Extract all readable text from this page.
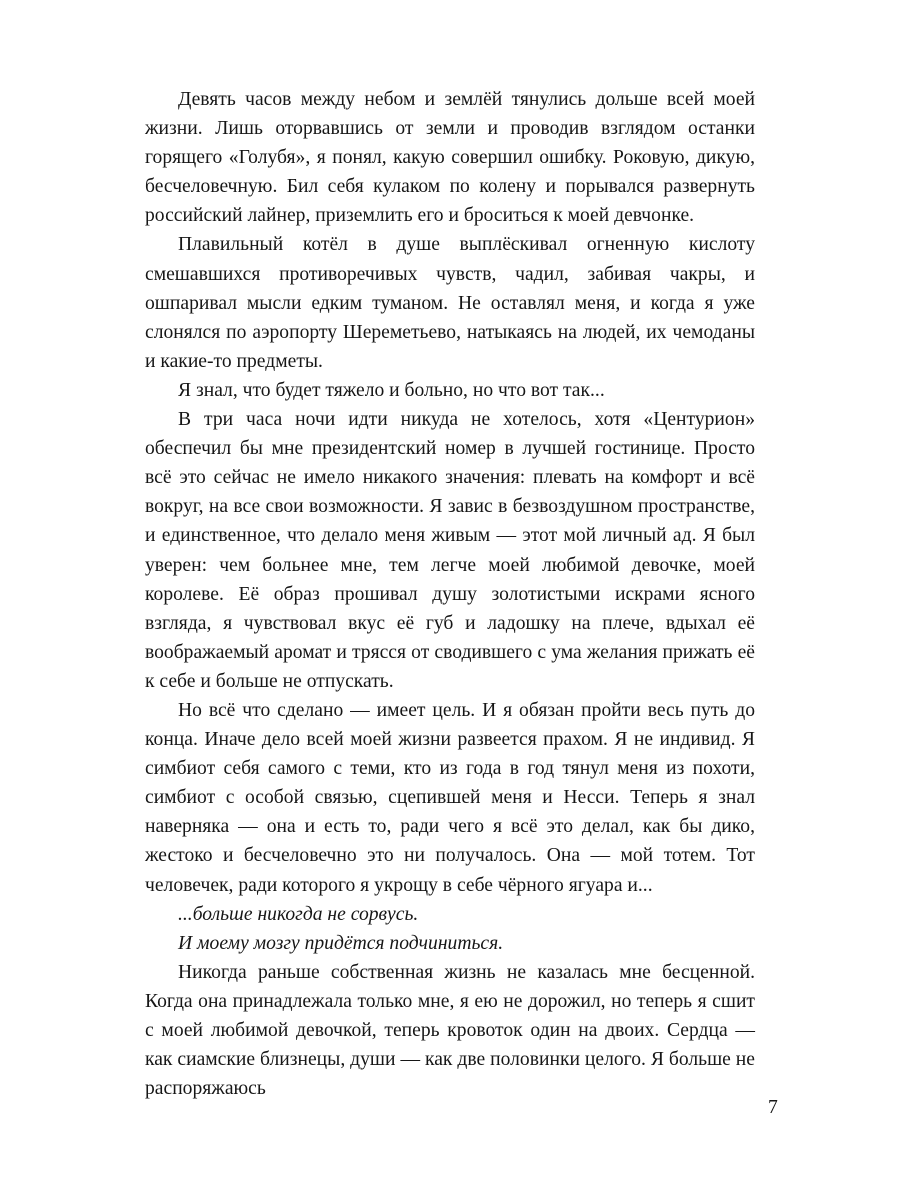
Девять часов между небом и землёй тянулись дольше всей моей жизни. Лишь оторвавшись от земли и проводив взглядом останки горящего «Голубя», я понял, какую совершил ошибку. Роковую, дикую, бесчеловечную. Бил себя кулаком по колену и порывался развернуть российский лайнер, приземлить его и броситься к моей девчонке.

Плавильный котёл в душе выплёскивал огненную кислоту смешавшихся противоречивых чувств, чадил, забивая чакры, и ошпаривал мысли едким туманом. Не оставлял меня, и когда я уже слонялся по аэропорту Шереметьево, натыкаясь на людей, их чемоданы и какие-то предметы.

Я знал, что будет тяжело и больно, но что вот так...

В три часа ночи идти никуда не хотелось, хотя «Центурион» обеспечил бы мне президентский номер в лучшей гостинице. Просто всё это сейчас не имело никакого значения: плевать на комфорт и всё вокруг, на все свои возможности. Я завис в безвоздушном пространстве, и единственное, что делало меня живым — этот мой личный ад. Я был уверен: чем больнее мне, тем легче моей любимой девочке, моей королеве. Её образ прошивал душу золотистыми искрами ясного взгляда, я чувствовал вкус её губ и ладошку на плече, вдыхал её воображаемый аромат и трясся от сводившего с ума желания прижать её к себе и больше не отпускать.

Но всё что сделано — имеет цель. И я обязан пройти весь путь до конца. Иначе дело всей моей жизни развеется прахом. Я не индивид. Я симбиот себя самого с теми, кто из года в год тянул меня из похоти, симбиот с особой связью, сцепившей меня и Несси. Теперь я знал наверняка — она и есть то, ради чего я всё это делал, как бы дико, жестоко и бесчеловечно это ни получалось. Она — мой тотем. Тот человечек, ради которого я укрощу в себе чёрного ягуара и...

...больше никогда не сорвусь.

И моему мозгу придётся подчиниться.

Никогда раньше собственная жизнь не казалась мне бесценной. Когда она принадлежала только мне, я ею не дорожил, но теперь я сшит с моей любимой девочкой, теперь кровоток один на двоих. Сердца — как сиамские близнецы, души — как две половинки целого. Я больше не распоряжаюсь

7
